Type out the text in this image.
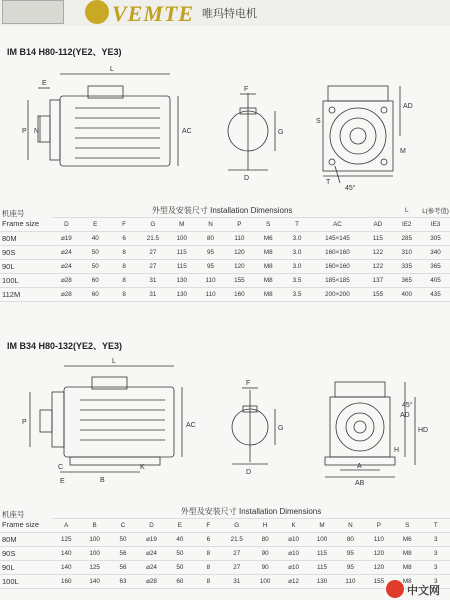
VEMTE 唯玛特电机
IM B14 H80-112(YE2、YE3)
L
E
P N	AC
F
G
D
S
AD
T
M
45°
机座号
Frame size	外型及安装尺寸 Installation Dimensions											L	L(参考值)
	D	E	F	G	M	N	P	S	T	AC	AD	IE2	IE3
80M	⌀19	40	6	21.5	100	80	110	M6	3.0	145×145	115	285	305
90S	⌀24	50	8	27	115	95	120	M8	3.0	160×160	122	310	340
90L	⌀24	50	8	27	115	95	120	M8	3.0	160×160	122	335	365
100L	⌀28	60	8	31	130	110	155	M8	3.5	185×185	137	365	405
112M	⌀28	60	8	31	130	110	160	M8	3.5	200×200	155	400	435
IM B34 H80-132(YE2、YE3)
L
P	AC
C
B
E
K
F
G
D
AD
HD
H
A
AB
45°
机座号
Frame size	外型及安装尺寸 Installation Dimensions													
	A	B	C	D	E	F	G	H	K	M	N	P	S	T
80M	125	100	50	⌀19	40	6	21.5	80	⌀10	100	80	110	M6	3
90S	140	100	56	⌀24	50	8	27	90	⌀10	115	95	120	M8	3
90L	140	125	56	⌀24	50	8	27	90	⌀10	115	95	120	M8	3
100L	160	140	63	⌀28	60	8	31	100	⌀12	130	110	155	M8	3
中文网
